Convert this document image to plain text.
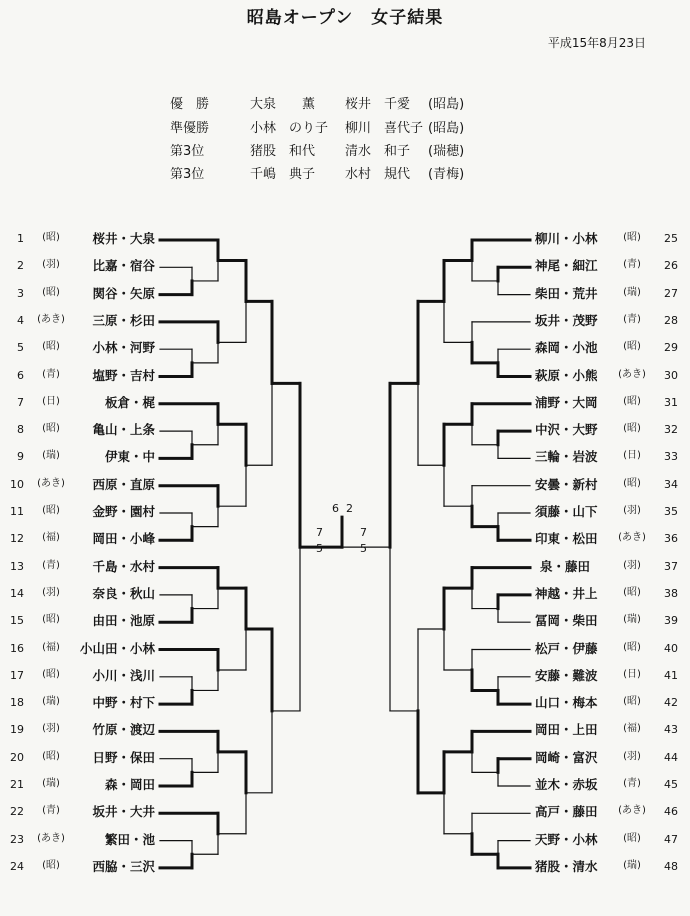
昭島オープン　女子結果
平成15年8月23日
優　勝	大泉　　薫 桜井　千愛 (昭島)
準優勝	小林　のり子 柳川　喜代子 (昭島)
第3位	猪股　和代 清水　和子 (瑞穂)
第3位	千嶋　典子 水村　規代 (青梅)
1	(昭)	桜井・大泉
2	(羽)	比嘉・宿谷
3	(昭)	関谷・矢原
4	(あき)	三原・杉田
5	(昭)	小林・河野
6	(青)	塩野・吉村
7	(日)	板倉・梶
8	(昭)	亀山・上条
9	(瑞)	伊東・中
10	(あき)	西原・直原
11	(昭)	金野・園村
12	(福)	岡田・小峰
13	(青)	千島・水村
14	(羽)	奈良・秋山
15	(昭)	由田・池原
16	(福)	小山田・小林
17	(昭)	小川・浅川
18	(瑞)	中野・村下
19	(羽)	竹原・渡辺
20	(昭)	日野・保田
21	(瑞)	森・岡田
22	(青)	坂井・大井
23	(あき)	繁田・池
24	(昭)	西脇・三沢
柳川・小林	(昭)	25
神尾・細江	(青)	26
柴田・荒井	(瑞)	27
坂井・茂野	(青)	28
森岡・小池	(昭)	29
萩原・小熊	(あき)	30
浦野・大岡	(昭)	31
中沢・大野	(昭)	32
三輪・岩波	(日)	33
安曇・新村	(昭)	34
須藤・山下	(羽)	35
印東・松田	(あき)	36
泉・藤田	(羽)	37
神越・井上	(昭)	38
冨岡・柴田	(瑞)	39
松戸・伊藤	(昭)	40
安藤・難波	(日)	41
山口・梅本	(昭)	42
岡田・上田	(福)	43
岡崎・富沢	(羽)	44
並木・赤坂	(青)	45
高戸・藤田	(あき)	46
天野・小林	(昭)	47
猪股・清水	(瑞)	48
6 2
7
5
7
5
